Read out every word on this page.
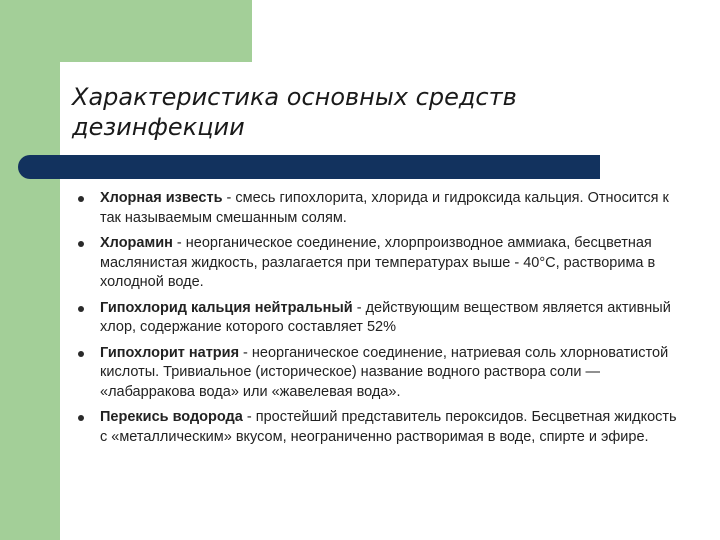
Характеристика основных средств дезинфекции
Хлорная известь - смесь гипохлорита, хлорида и гидроксида кальция. Относится к так называемым смешанным солям.
Хлорамин - неорганическое соединение, хлорпроизводное аммиака, бесцветная маслянистая жидкость, разлагается при температурах выше - 40°C, растворима в холодной воде.
Гипохлорид кальция нейтральный - действующим веществом является активный хлор, содержание которого составляет 52%
Гипохлорит натрия - неорганическое соединение, натриевая соль хлорноватистой кислоты. Тривиальное (историческое) название водного раствора соли — «лабарракова вода» или «жавелевая вода».
Перекись водорода - простейший представитель пероксидов. Бесцветная жидкость с «металлическим» вкусом, неограниченно растворимая в воде, спирте и эфире.
